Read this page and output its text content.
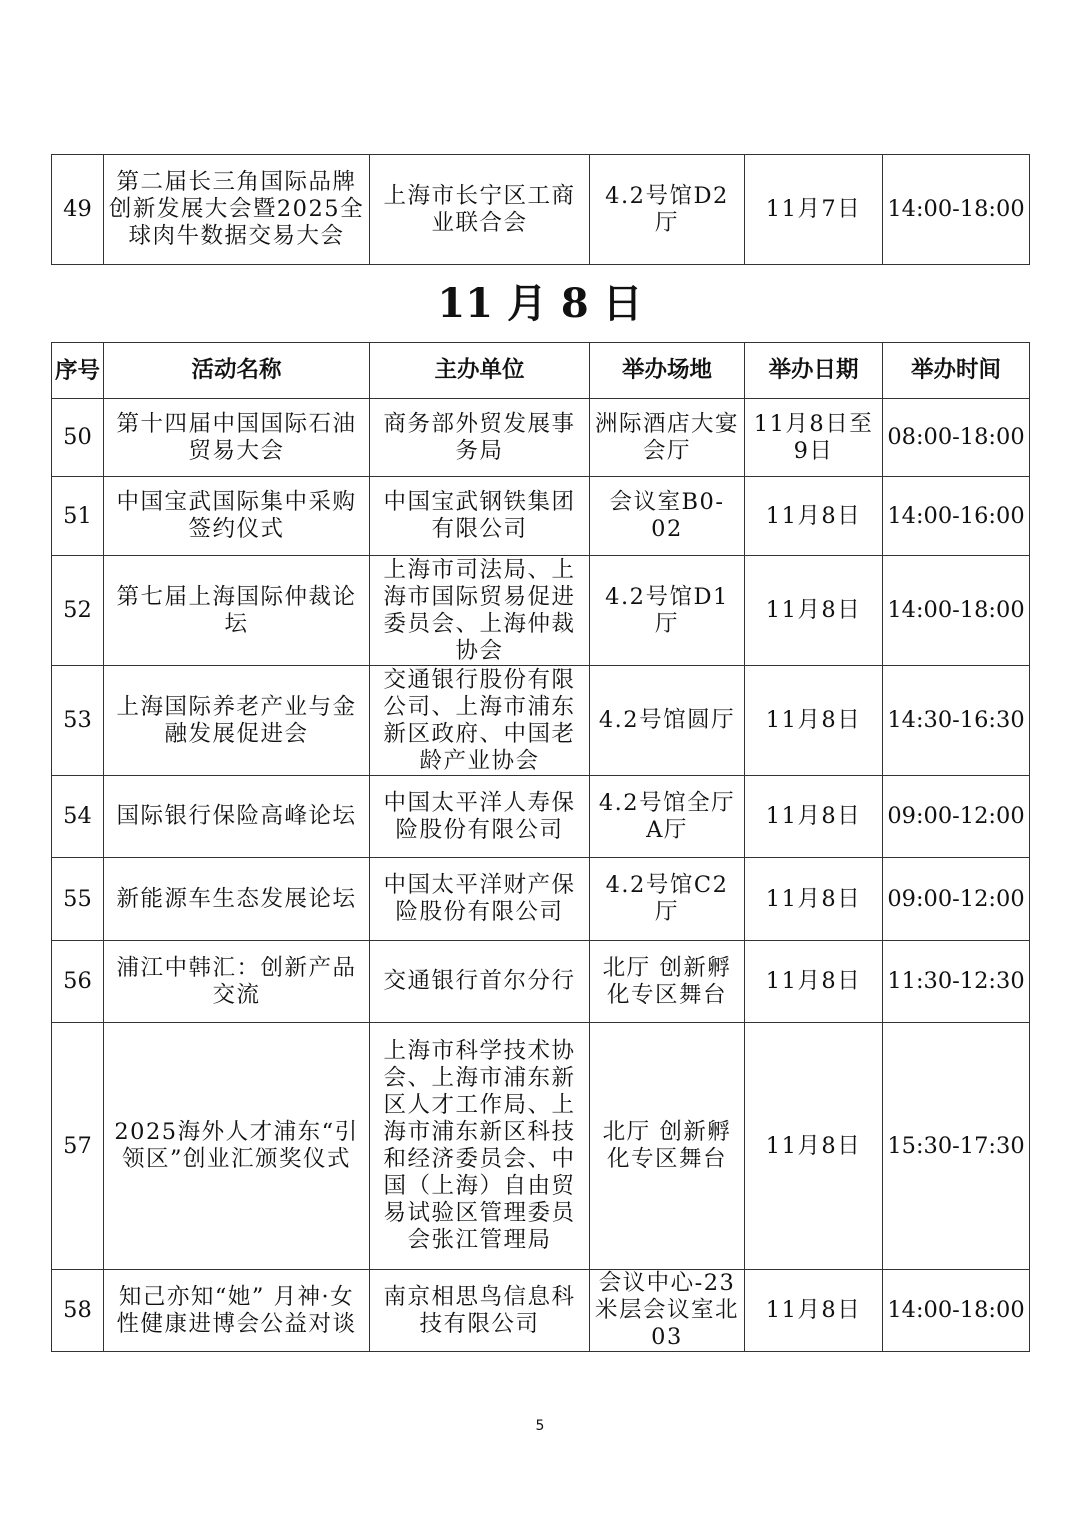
49	第二届长三角国际品牌创新发展大会暨2025全球肉牛数据交易大会	上海市长宁区工商业联合会	4.2号馆D2厅	11月7日	14:00-18:00
11 月 8 日
序号	活动名称	主办单位	举办场地	举办日期	举办时间
50	第十四届中国国际石油贸易大会	商务部外贸发展事务局	洲际酒店大宴会厅	11月8日至9日	08:00-18:00
51	中国宝武国际集中采购签约仪式	中国宝武钢铁集团有限公司	会议室B0-02	11月8日	14:00-16:00
52	第七届上海国际仲裁论坛	上海市司法局、上海市国际贸易促进委员会、上海仲裁协会	4.2号馆D1厅	11月8日	14:00-18:00
53	上海国际养老产业与金融发展促进会	交通银行股份有限公司、上海市浦东新区政府、中国老龄产业协会	4.2号馆圆厅	11月8日	14:30-16:30
54	国际银行保险高峰论坛	中国太平洋人寿保险股份有限公司	4.2号馆全厅 A厅	11月8日	09:00-12:00
55	新能源车生态发展论坛	中国太平洋财产保险股份有限公司	4.2号馆C2厅	11月8日	09:00-12:00
56	浦江中韩汇：创新产品交流	交通银行首尔分行	北厅 创新孵化专区舞台	11月8日	11:30-12:30
57	2025海外人才浦东“引领区”创业汇颁奖仪式	上海市科学技术协会、上海市浦东新区人才工作局、上海市浦东新区科技和经济委员会、中国（上海）自由贸易试验区管理委员会张江管理局	北厅 创新孵化专区舞台	11月8日	15:30-17:30
58	知己亦知“她” 月神·女性健康进博会公益对谈	南京相思鸟信息科技有限公司	会议中心-23米层会议室北03	11月8日	14:00-18:00
5
